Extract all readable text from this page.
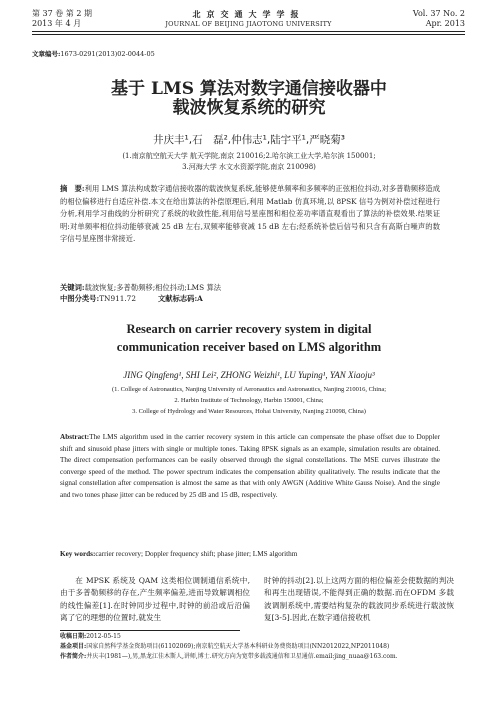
第 37 卷 第 2 期
2013 年 4 月
北京交通大学学报
JOURNAL OF BEIJING JIAOTONG UNIVERSITY
Vol. 37 No. 2
Apr. 2013
文章编号:1673-0291(2013)02-0044-05
基于 LMS 算法对数字通信接收器中
载波恢复系统的研究
井庆丰¹,石　磊²,仲伟志¹,陆宇平¹,严晓菊³
(1.南京航空航天大学 航天学院,南京 210016;2.哈尔滨工业大学,哈尔滨 150001;
3.河海大学 水文水资源学院,南京 210098)
摘　要:利用 LMS 算法构成数字通信接收器的载波恢复系统,能够使单频率和多频率的正弦相位抖动,对多普勒频移造成的相位偏移进行自适应补偿.本文在给出算法的补偿原理后,利用 Matlab 仿真环境,以 8PSK 信号为例对补偿过程进行分析,利用学习曲线的分析研究了系统的收敛性能,利用信号星座图和相位差功率谱直观看出了算法的补偿效果.结果证明:对单频率相位抖动能够衰减 25 dB 左右,双频率能够衰减 15 dB 左右;经系统补偿后信号和只含有高斯白噪声的数字信号星座图非常接近.
关键词:载波恢复;多普勒频移;相位抖动;LMS 算法
中图分类号:TN911.72	文献标志码:A
Research on carrier recovery system in digital
communication receiver based on LMS algorithm
JING Qingfeng¹, SHI Lei², ZHONG Weizhi¹, LU Yuping¹, YAN Xiaoju³
(1. College of Astronautics, Nanjing University of Aeronautics and Astronautics, Nanjing 210016, China;
2. Harbin Institute of Technology, Harbin 150001, China;
3. College of Hydrology and Water Resources, Hohai University, Nanjing 210098, China)
Abstract:The LMS algorithm used in the carrier recovery system in this article can compensate the phase offset due to Doppler shift and sinusoid phase jitters with single or multiple tones. Taking 8PSK signals as an example, simulation results are obtained. The direct compensation performances can be easily observed through the signal constellations. The MSE curves illustrate the converge speed of the method. The power spectrum indicates the compensation ability qualitatively. The results indicate that the signal constellation after compensation is almost the same as that with only AWGN (Additive White Gauss Noise). And the single and two tones phase jitter can be reduced by 25 dB and 15 dB, respectively.
Key words:carrier recovery; Doppler frequency shift; phase jitter; LMS algorithm
在 MPSK 系统及 QAM 这类相位调制通信系统中,由于多普勒频移的存在,产生频率偏差,进而导致解调相位的线性偏差[1].在时钟同步过程中,时钟的前沿或后沿偏离了它的理想的位置时,就发生
时钟的抖动[2].以上这两方面的相位偏差会使数据的判决和再生出现错误,不能得到正确的数据.而在OFDM 多载波调制系统中,需要结构复杂的载波同步系统进行载波恢复[3-5].因此,在数字通信接收机
收稿日期:2012-05-15
基金项目:国家自然科学基金资助项目(61102069);南京航空航天大学基本科研业务费资助项目(NN2012022,NP2011048)
作者简介:井庆丰(1981—),男,黑龙江佳木斯人,讲师,博士.研究方向为宽带多载波通信和卫星通信.email:jing_nuaa@163.com.
